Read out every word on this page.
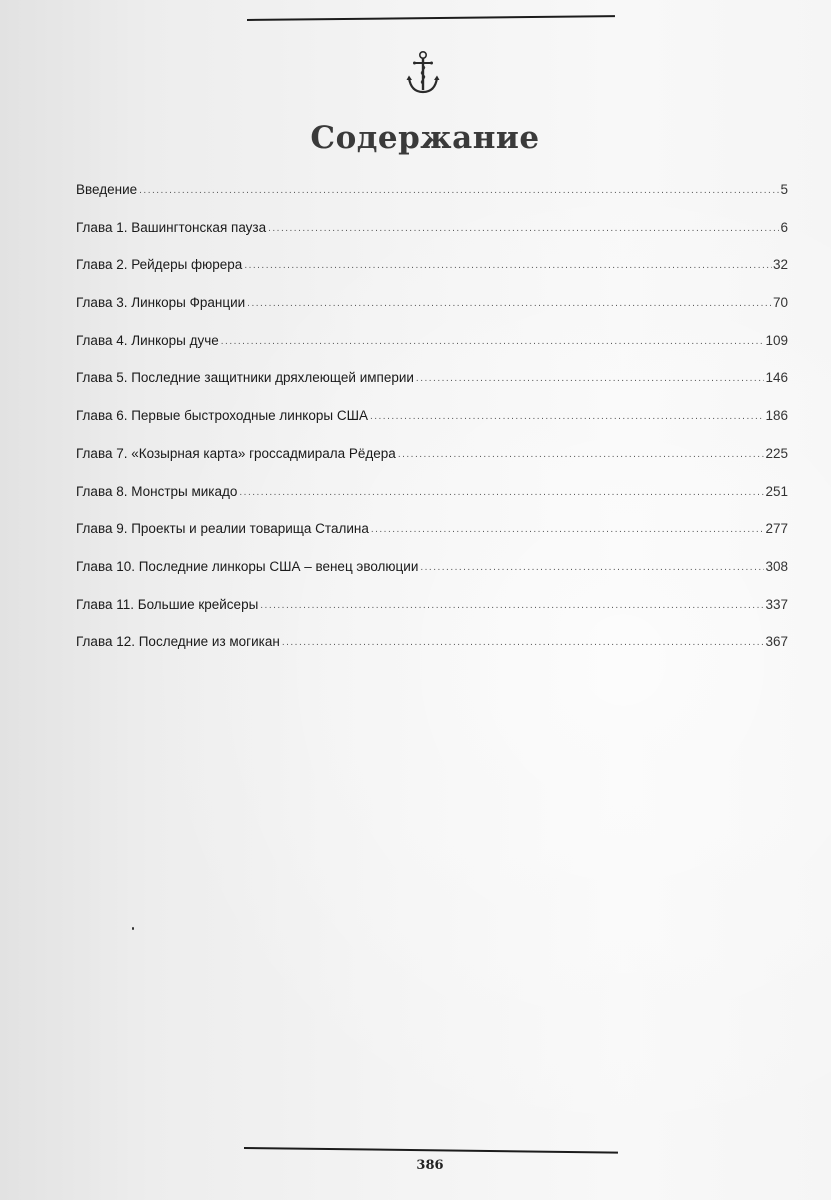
Содержание
Введение .....	5
Глава 1. Вашингтонская пауза .....	6
Глава 2. Рейдеры фюрера .....	32
Глава 3. Линкоры Франции .....	70
Глава 4. Линкоры дуче .....	109
Глава 5. Последние защитники дряхлеющей империи .....	146
Глава 6. Первые быстроходные линкоры США .....	186
Глава 7. «Козырная карта» гроссадмирала Рёдера .....	225
Глава 8. Монстры микадо .....	251
Глава 9. Проекты и реалии товарища Сталина .....	277
Глава 10. Последние линкоры США – венец эволюции .....	308
Глава 11. Большие крейсеры .....	337
Глава 12. Последние из могикан .....	367
386
